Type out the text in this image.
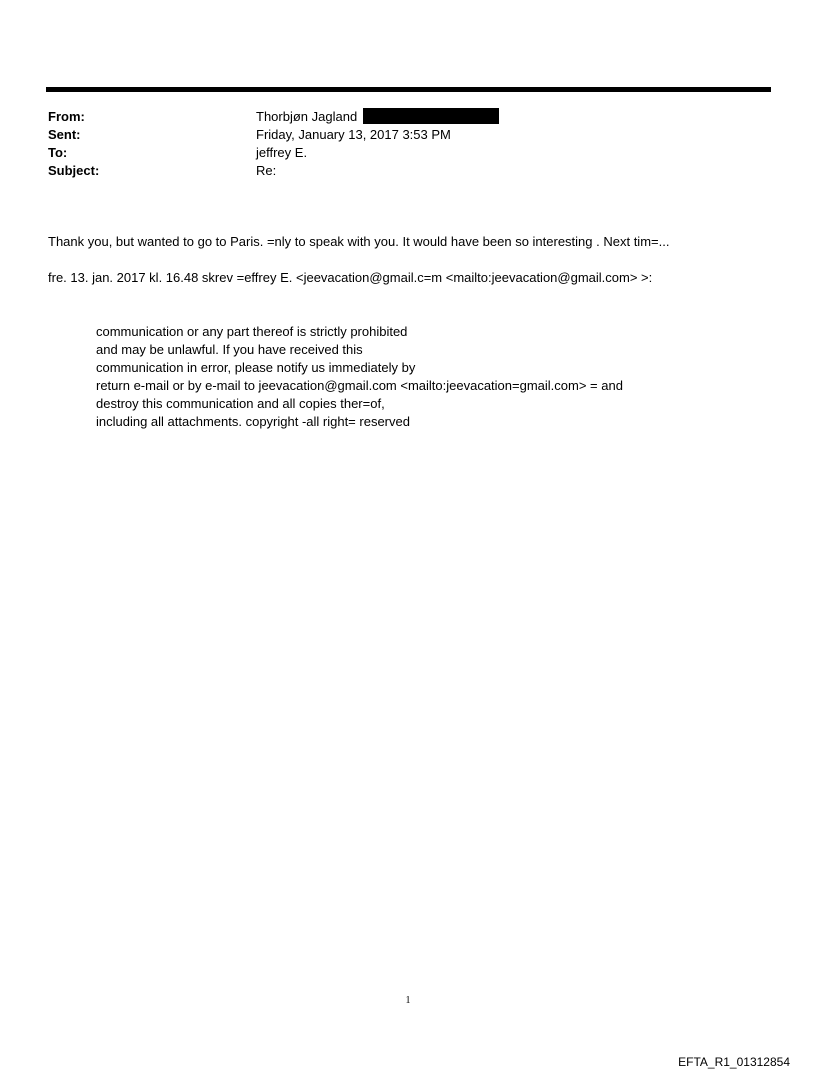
From:	Thorbjøn Jagland
Sent:	Friday, January 13, 2017 3:53 PM
To:	jeffrey E.
Subject:	Re:
Thank you, but wanted to go to Paris. =nly to speak with you. It would have been so interesting . Next tim=...
fre. 13. jan. 2017 kl. 16.48 skrev =effrey E. <jeevacation@gmail.c=m <mailto:jeevacation@gmail.com> >:
communication or any part thereof is strictly prohibited
and may be unlawful. If you have received this
communication in error, please notify us immediately by
return e-mail or by e-mail to jeevacation@gmail.com <mailto:jeevacation=gmail.com> = and
destroy this communication and all copies ther=of,
including all attachments. copyright -all right= reserved
1
EFTA_R1_01312854
